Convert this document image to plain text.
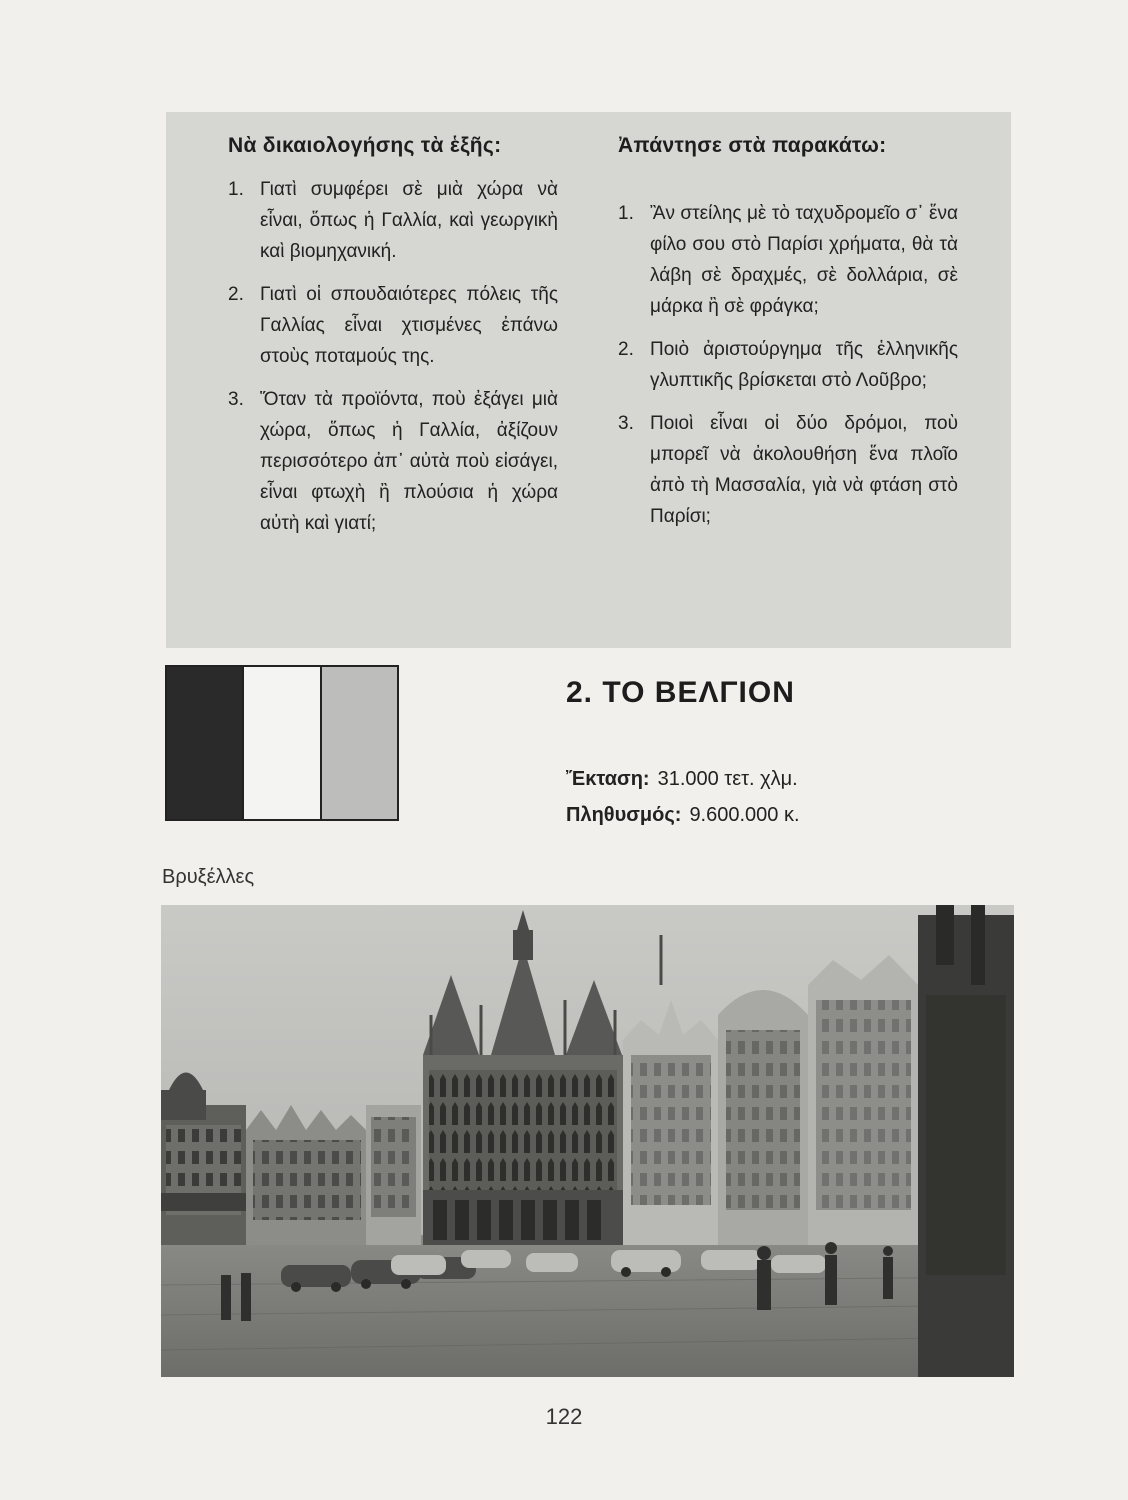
Νὰ δικαιολογήσης τὰ ἑξῆς:
1. Γιατὶ συμφέρει σὲ μιὰ χώρα νὰ εἶναι, ὅπως ἡ Γαλλία, καὶ γεωργικὴ καὶ βιομηχανική.
2. Γιατὶ οἱ σπουδαιότερες πόλεις τῆς Γαλλίας εἶναι χτισμένες ἐπάνω στοὺς ποταμούς της.
3. Ὅταν τὰ προϊόντα, ποὺ ἐξάγει μιὰ χώρα, ὅπως ἡ Γαλλία, ἀξίζουν περισσότερο ἀπ᾿ αὐτὰ ποὺ εἰσάγει, εἶναι φτωχὴ ἢ πλούσια ἡ χώρα αὐτὴ καὶ γιατί;
Ἀπάντησε στὰ παρακάτω:
1. Ἂν στείλης μὲ τὸ ταχυδρομεῖο σ᾿ ἕνα φίλο σου στὸ Παρίσι χρήματα, θὰ τὰ λάβη σὲ δραχμές, σὲ δολλάρια, σὲ μάρκα ἢ σὲ φράγκα;
2. Ποιὸ ἀριστούργημα τῆς ἑλληνικῆς γλυπτικῆς βρίσκεται στὸ Λοῦβρο;
3. Ποιοὶ εἶναι οἱ δύο δρόμοι, ποὺ μπορεῖ νὰ ἀκολουθήση ἕνα πλοῖο ἀπὸ τὴ Μασσαλία, γιὰ νὰ φτάση στὸ Παρίσι;
2. ΤΟ ΒΕΛΓΙΟΝ
Ἔκταση: 31.000 τετ. χλμ.
Πληθυσμός: 9.600.000 κ.
Βρυξέλλες
122
